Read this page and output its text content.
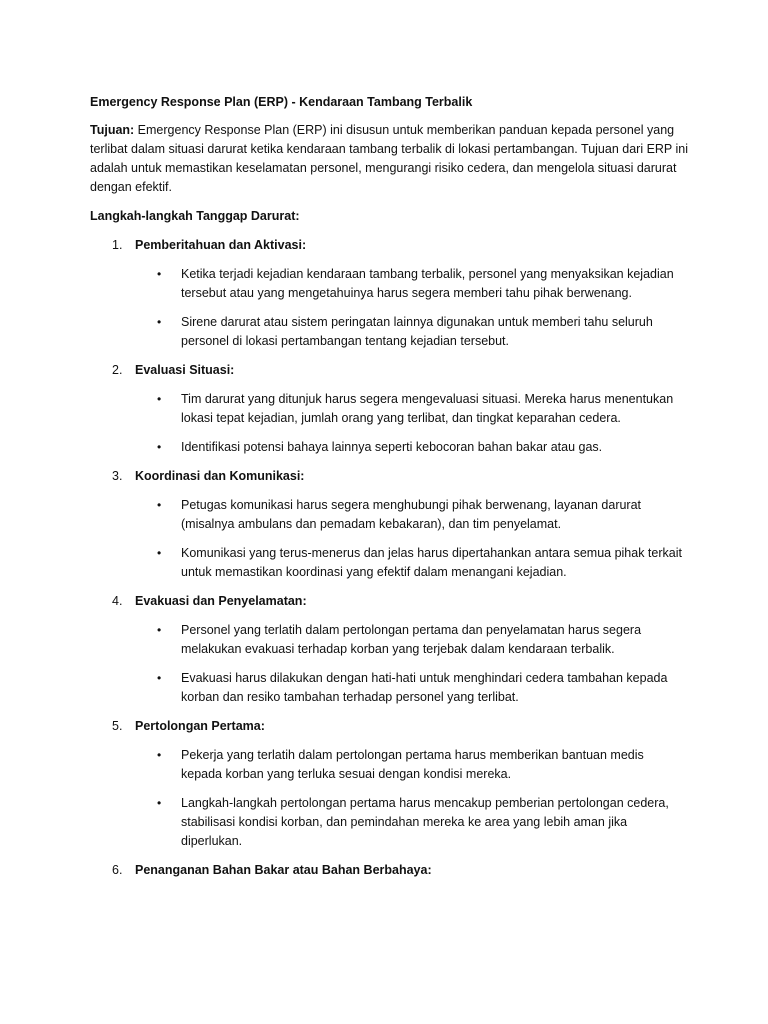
Emergency Response Plan (ERP) - Kendaraan Tambang Terbalik

Tujuan: Emergency Response Plan (ERP) ini disusun untuk memberikan panduan kepada personel yang terlibat dalam situasi darurat ketika kendaraan tambang terbalik di lokasi pertambangan. Tujuan dari ERP ini adalah untuk memastikan keselamatan personel, mengurangi risiko cedera, dan mengelola situasi darurat dengan efektif.

Langkah-langkah Tanggap Darurat:

1. Pemberitahuan dan Aktivasi:

• Ketika terjadi kejadian kendaraan tambang terbalik, personel yang menyaksikan kejadian tersebut atau yang mengetahuinya harus segera memberi tahu pihak berwenang.
• Sirene darurat atau sistem peringatan lainnya digunakan untuk memberi tahu seluruh personel di lokasi pertambangan tentang kejadian tersebut.

2. Evaluasi Situasi:

• Tim darurat yang ditunjuk harus segera mengevaluasi situasi. Mereka harus menentukan lokasi tepat kejadian, jumlah orang yang terlibat, dan tingkat keparahan cedera.
• Identifikasi potensi bahaya lainnya seperti kebocoran bahan bakar atau gas.

3. Koordinasi dan Komunikasi:

• Petugas komunikasi harus segera menghubungi pihak berwenang, layanan darurat (misalnya ambulans dan pemadam kebakaran), dan tim penyelamat.
• Komunikasi yang terus-menerus dan jelas harus dipertahankan antara semua pihak terkait untuk memastikan koordinasi yang efektif dalam menangani kejadian.

4. Evakuasi dan Penyelamatan:

• Personel yang terlatih dalam pertolongan pertama dan penyelamatan harus segera melakukan evakuasi terhadap korban yang terjebak dalam kendaraan terbalik.
• Evakuasi harus dilakukan dengan hati-hati untuk menghindari cedera tambahan kepada korban dan resiko tambahan terhadap personel yang terlibat.

5. Pertolongan Pertama:

• Pekerja yang terlatih dalam pertolongan pertama harus memberikan bantuan medis kepada korban yang terluka sesuai dengan kondisi mereka.
• Langkah-langkah pertolongan pertama harus mencakup pemberian pertolongan cedera, stabilisasi kondisi korban, dan pemindahan mereka ke area yang lebih aman jika diperlukan.

6. Penanganan Bahan Bakar atau Bahan Berbahaya:
